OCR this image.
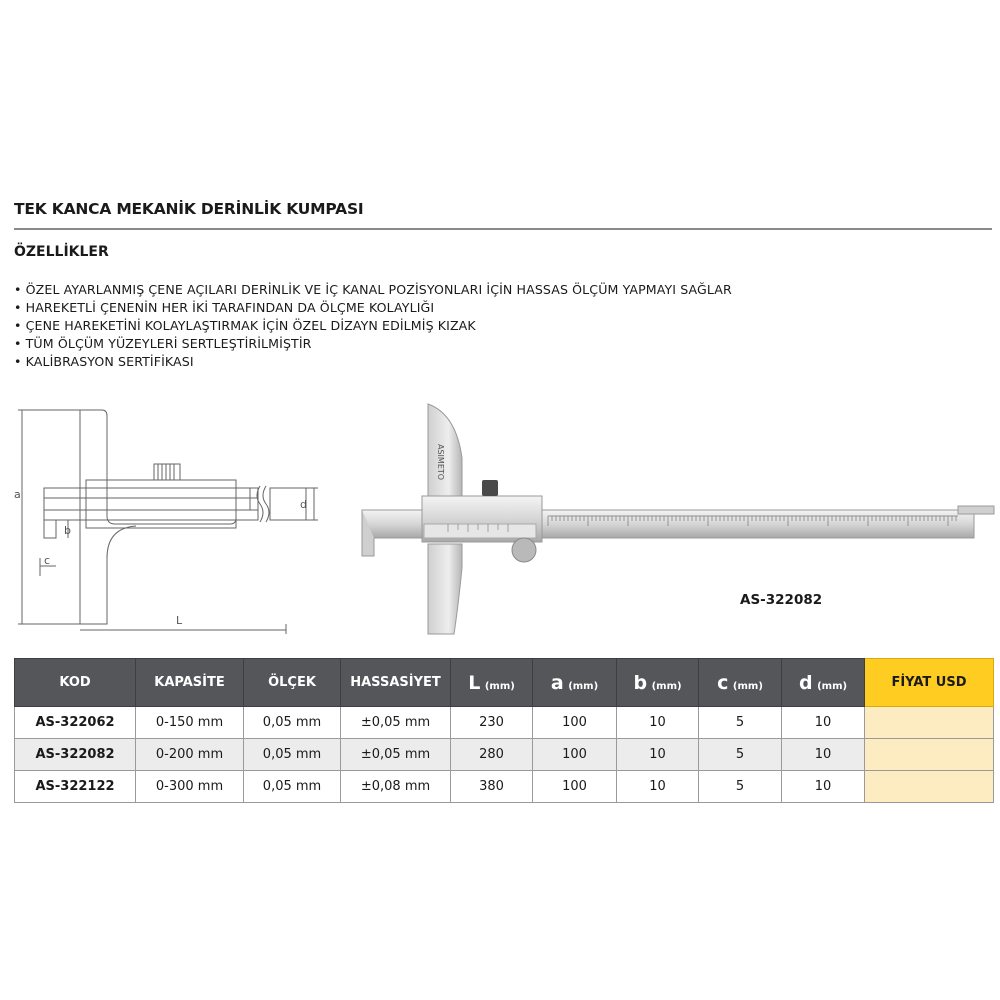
TEK KANCA MEKANİK DERİNLİK KUMPASI
ÖZELLİKLER
• ÖZEL AYARLANMIŞ ÇENE AÇILARI DERİNLİK VE İÇ KANAL POZİSYONLARI İÇİN HASSAS ÖLÇÜM YAPMAYI SAĞLAR
• HAREKETLİ ÇENENİN HER İKİ TARAFINDAN DA ÖLÇME KOLAYLIĞI
• ÇENE HAREKETİNİ KOLAYLAŞTIRMAK İÇİN ÖZEL DİZAYN EDİLMİŞ KIZAK
• TÜM ÖLÇÜM YÜZEYLERİ SERTLEŞTİRİLMİŞTİR
• KALİBRASYON SERTİFİKASI
a
b
c
L
d
ASIMETO
AS-322082
KOD	KAPASİTE	ÖLÇEK	HASSASİYET	L (mm)	a (mm)	b (mm)	c (mm)	d (mm)	FİYAT USD
AS-322062	0-150 mm	0,05 mm	±0,05 mm	230	100	10	5	10	
AS-322082	0-200 mm	0,05 mm	±0,05 mm	280	100	10	5	10	
AS-322122	0-300 mm	0,05 mm	±0,08 mm	380	100	10	5	10	
